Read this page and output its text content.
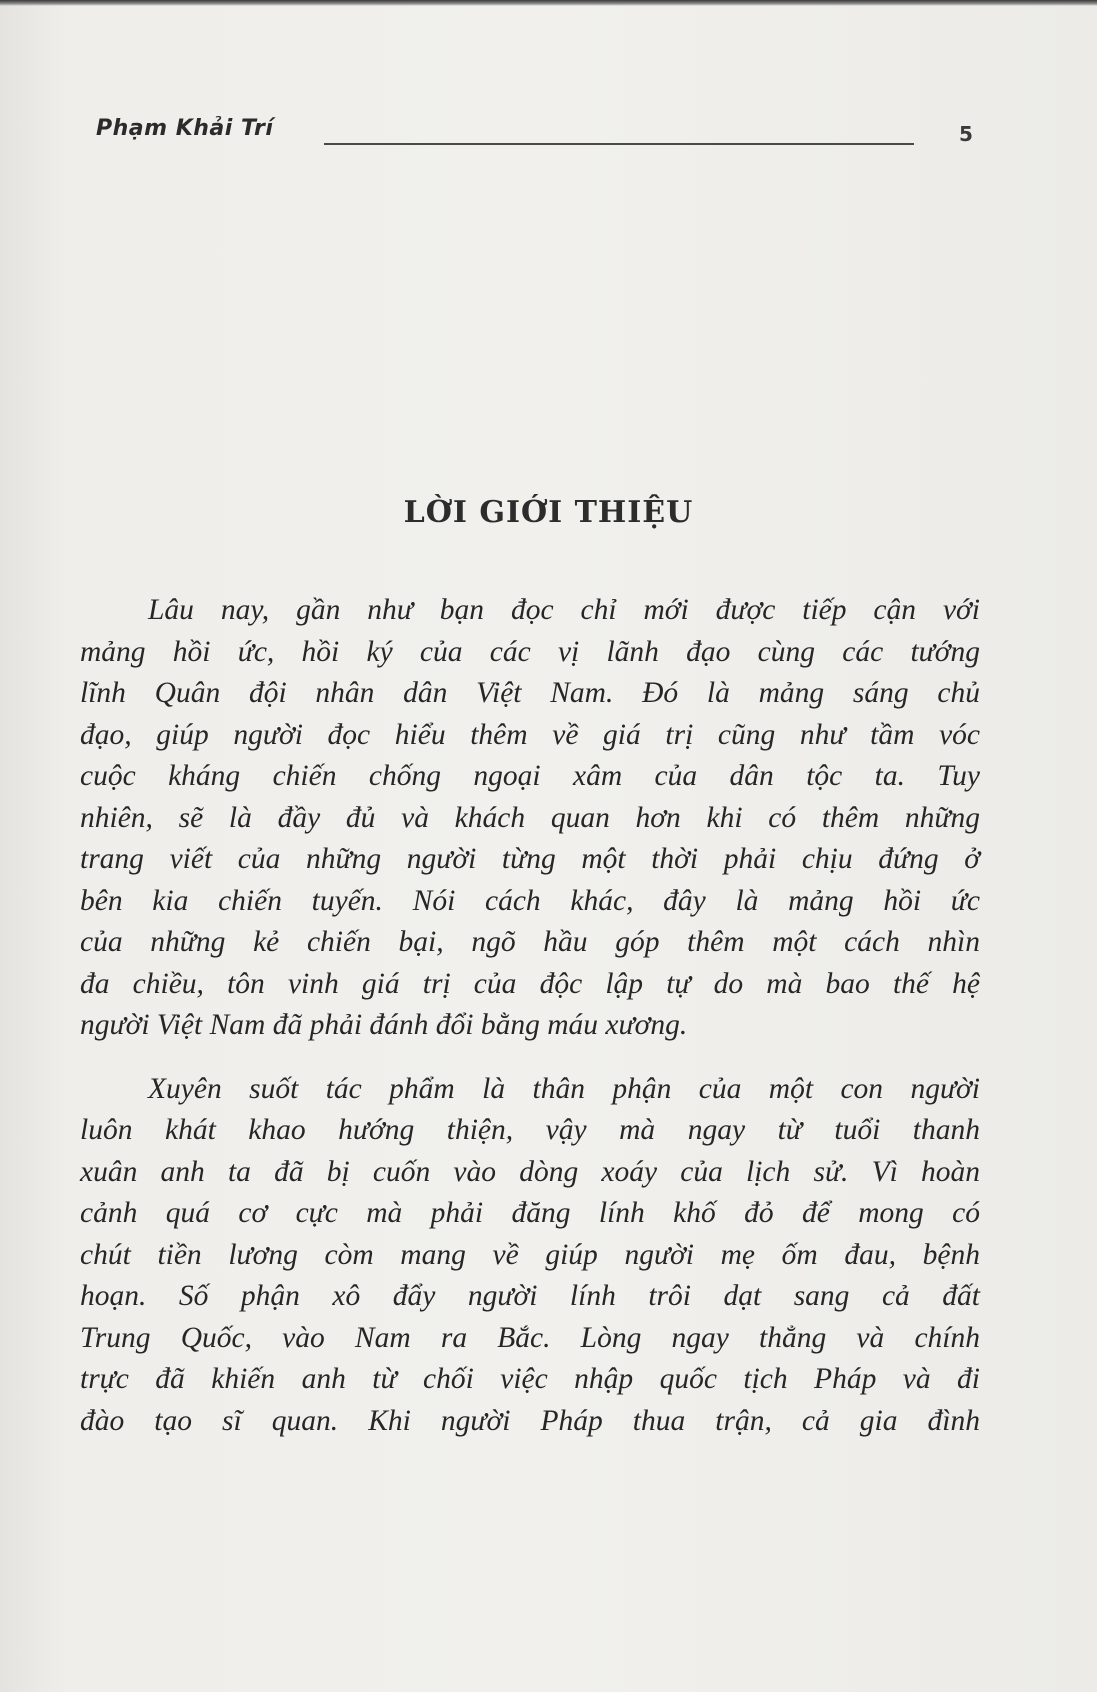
Phạm Khải Trí	5
LỜI GIỚI THIỆU

Lâu nay, gần như bạn đọc chỉ mới được tiếp cận với
mảng hồi ức, hồi ký của các vị lãnh đạo cùng các tướng
lĩnh Quân đội nhân dân Việt Nam. Đó là mảng sáng chủ
đạo, giúp người đọc hiểu thêm về giá trị cũng như tầm vóc
cuộc kháng chiến chống ngoại xâm của dân tộc ta. Tuy
nhiên, sẽ là đầy đủ và khách quan hơn khi có thêm những
trang viết của những người từng một thời phải chịu đứng ở
bên kia chiến tuyến. Nói cách khác, đây là mảng hồi ức
của những kẻ chiến bại, ngõ hầu góp thêm một cách nhìn
đa chiều, tôn vinh giá trị của độc lập tự do mà bao thế hệ
người Việt Nam đã phải đánh đổi bằng máu xương.

Xuyên suốt tác phẩm là thân phận của một con người
luôn khát khao hướng thiện, vậy mà ngay từ tuổi thanh
xuân anh ta đã bị cuốn vào dòng xoáy của lịch sử. Vì hoàn
cảnh quá cơ cực mà phải đăng lính khố đỏ để mong có
chút tiền lương còm mang về giúp người mẹ ốm đau, bệnh
hoạn. Số phận xô đẩy người lính trôi dạt sang cả đất
Trung Quốc, vào Nam ra Bắc. Lòng ngay thẳng và chính
trực đã khiến anh từ chối việc nhập quốc tịch Pháp và đi
đào tạo sĩ quan. Khi người Pháp thua trận, cả gia đình
